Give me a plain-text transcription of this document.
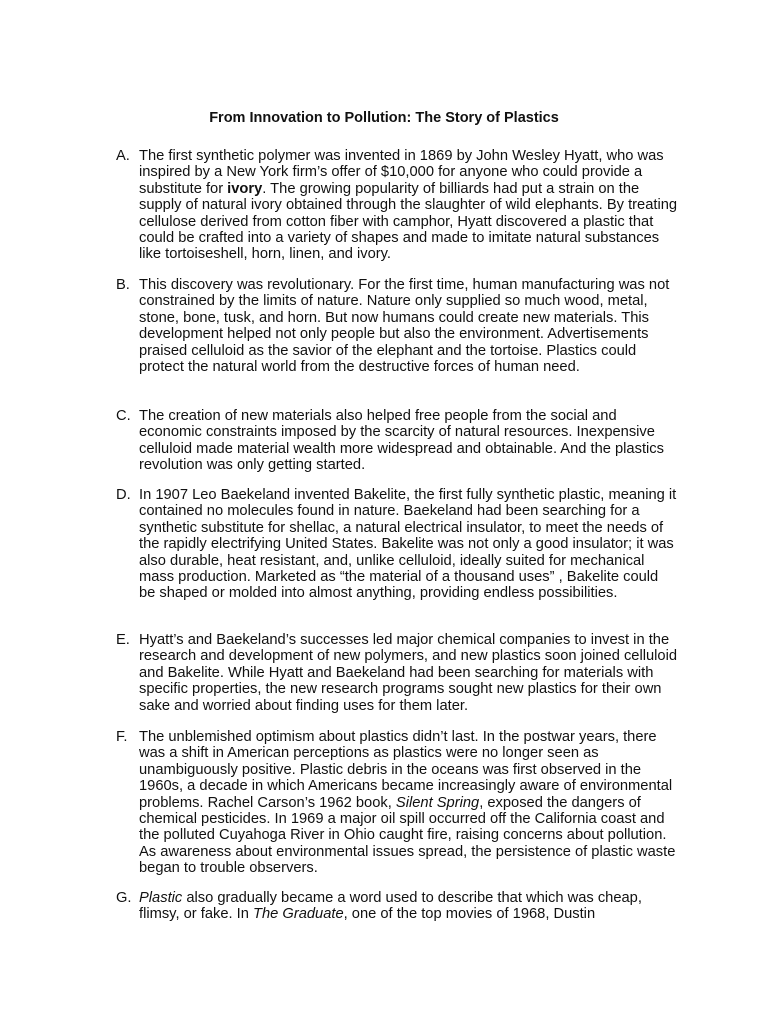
From Innovation to Pollution: The Story of Plastics
A. The first synthetic polymer was invented in 1869 by John Wesley Hyatt, who was inspired by a New York firm’s offer of $10,000 for anyone who could provide a substitute for ivory. The growing popularity of billiards had put a strain on the supply of natural ivory obtained through the slaughter of wild elephants. By treating cellulose derived from cotton fiber with camphor, Hyatt discovered a plastic that could be crafted into a variety of shapes and made to imitate natural substances like tortoiseshell, horn, linen, and ivory.
B. This discovery was revolutionary. For the first time, human manufacturing was not constrained by the limits of nature. Nature only supplied so much wood, metal, stone, bone, tusk, and horn. But now humans could create new materials. This development helped not only people but also the environment. Advertisements praised celluloid as the savior of the elephant and the tortoise. Plastics could protect the natural world from the destructive forces of human need.
C. The creation of new materials also helped free people from the social and economic constraints imposed by the scarcity of natural resources. Inexpensive celluloid made material wealth more widespread and obtainable. And the plastics revolution was only getting started.
D. In 1907 Leo Baekeland invented Bakelite, the first fully synthetic plastic, meaning it contained no molecules found in nature. Baekeland had been searching for a synthetic substitute for shellac, a natural electrical insulator, to meet the needs of the rapidly electrifying United States. Bakelite was not only a good insulator; it was also durable, heat resistant, and, unlike celluloid, ideally suited for mechanical mass production. Marketed as “the material of a thousand uses” , Bakelite could be shaped or molded into almost anything, providing endless possibilities.
E. Hyatt’s and Baekeland’s successes led major chemical companies to invest in the research and development of new polymers, and new plastics soon joined celluloid and Bakelite. While Hyatt and Baekeland had been searching for materials with specific properties, the new research programs sought new plastics for their own sake and worried about finding uses for them later.
F. The unblemished optimism about plastics didn’t last. In the postwar years, there was a shift in American perceptions as plastics were no longer seen as unambiguously positive. Plastic debris in the oceans was first observed in the 1960s, a decade in which Americans became increasingly aware of environmental problems. Rachel Carson’s 1962 book, Silent Spring, exposed the dangers of chemical pesticides. In 1969 a major oil spill occurred off the California coast and the polluted Cuyahoga River in Ohio caught fire, raising concerns about pollution. As awareness about environmental issues spread, the persistence of plastic waste began to trouble observers.
G. Plastic also gradually became a word used to describe that which was cheap, flimsy, or fake. In The Graduate, one of the top movies of 1968, Dustin
